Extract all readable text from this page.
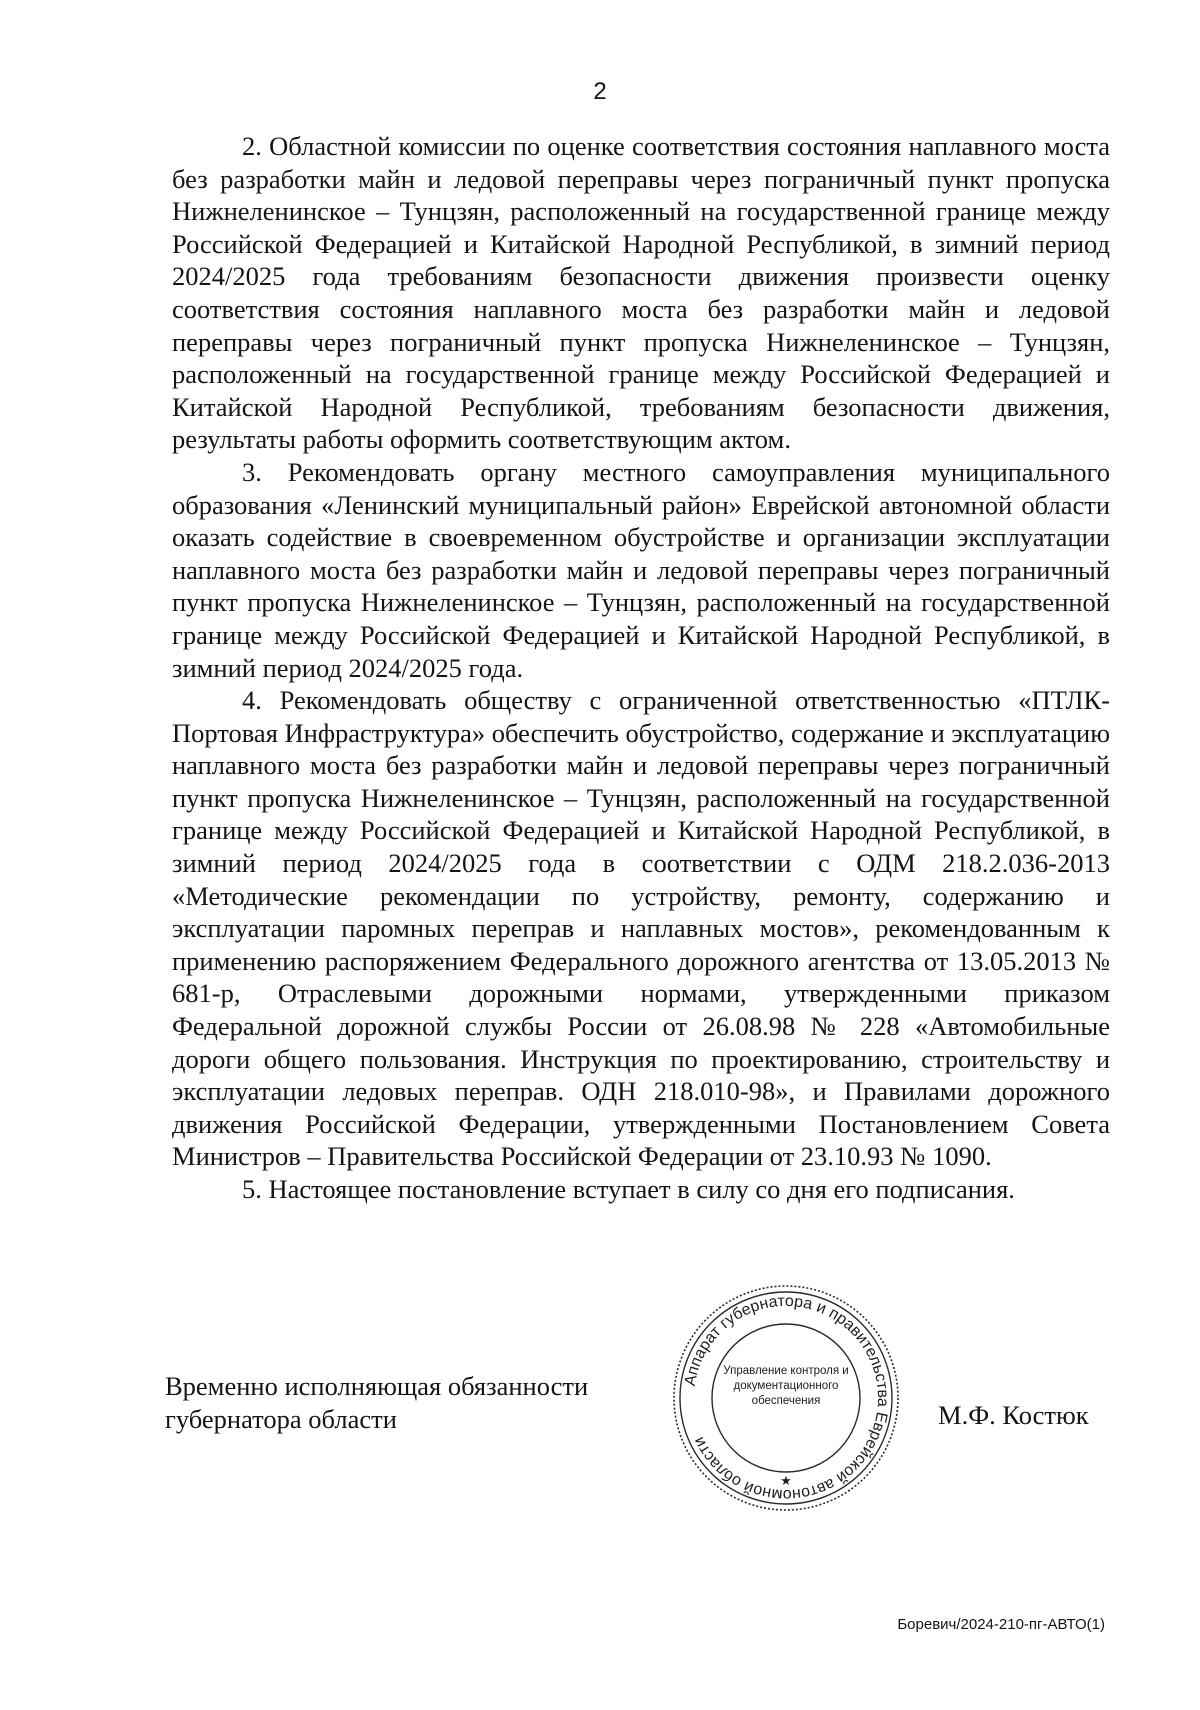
2

2. Областной комиссии по оценке соответствия состояния наплавного моста без разработки майн и ледовой переправы через пограничный пункт пропуска Нижнеленинское – Тунцзян, расположенный на государственной границе между Российской Федерацией и Китайской Народной Республикой, в зимний период 2024/2025 года требованиям безопасности движения произвести оценку соответствия состояния наплавного моста без разработки майн и ледовой переправы через пограничный пункт пропуска Нижнеленинское – Тунцзян, расположенный на государственной границе между Российской Федерацией и Китайской Народной Республикой, требованиям безопасности движения, результаты работы оформить соответствующим актом.

3. Рекомендовать органу местного самоуправления муниципального образования «Ленинский муниципальный район» Еврейской автономной области оказать содействие в своевременном обустройстве и организации эксплуатации наплавного моста без разработки майн и ледовой переправы через пограничный пункт пропуска Нижнеленинское – Тунцзян, расположенный на государственной границе между Российской Федерацией и Китайской Народной Республикой, в зимний период 2024/2025 года.

4. Рекомендовать обществу с ограниченной ответственностью «ПТЛК-Портовая Инфраструктура» обеспечить обустройство, содержание и эксплуатацию наплавного моста без разработки майн и ледовой переправы через пограничный пункт пропуска Нижнеленинское – Тунцзян, расположенный на государственной границе между Российской Федерацией и Китайской Народной Республикой, в зимний период 2024/2025 года в соответствии с ОДМ 218.2.036-2013 «Методические рекомендации по устройству, ремонту, содержанию и эксплуатации паромных переправ и наплавных мостов», рекомендованным к применению распоряжением Федерального дорожного агентства от 13.05.2013 № 681-р, Отраслевыми дорожными нормами, утвержденными приказом Федеральной дорожной службы России от 26.08.98 № 228 «Автомобильные дороги общего пользования. Инструкция по проектированию, строительству и эксплуатации ледовых переправ. ОДН 218.010-98», и Правилами дорожного движения Российской Федерации, утвержденными Постановлением Совета Министров – Правительства Российской Федерации от 23.10.93 № 1090.

5. Настоящее постановление вступает в силу со дня его подписания.

Временно исполняющая обязанности
губернатора области
Аппарат губернатора и правительства Еврейской автономной области
★
Управление контроля и
документационного
обеспечения	М.Ф. Костюк
Боревич/2024-210-пг-АВТО(1)
